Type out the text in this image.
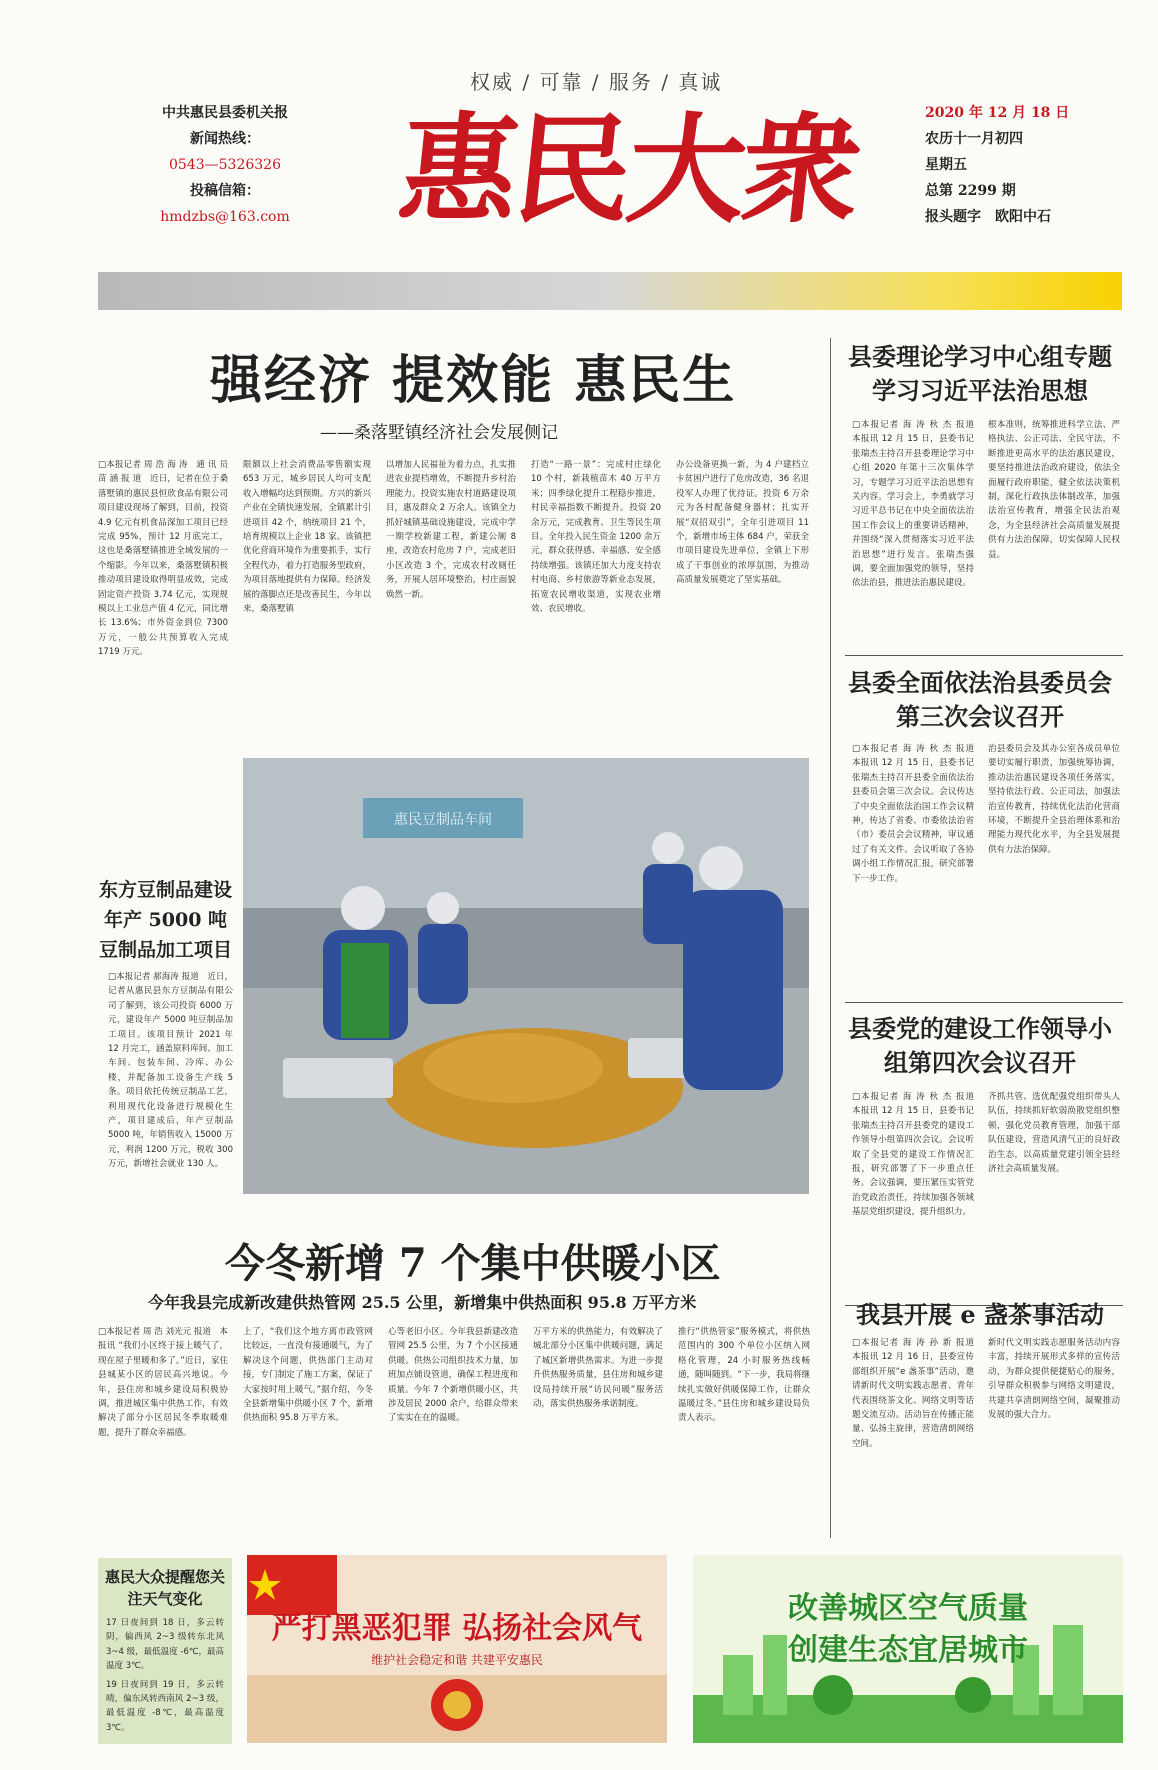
权威 / 可靠 / 服务 / 真诚
中共惠民县委机关报
新闻热线：
0543—5326326
投稿信箱：
hmdzbs@163.com 惠民大衆	2020 年 12 月 18 日
农历十一月初四
星期五
总第 2299 期
报头题字　欧阳中石
强经济 提效能 惠民生
——桑落墅镇经济社会发展侧记
□本报记者 周 浩 海 涛　通 讯 员 苗 涵 报 道　近日，记者在位于桑落墅镇的惠民县恒欣食品有限公司项目建设现场了解到，目前，投资 4.9 亿元有机食品深加工项目已经完成 95%，预计 12 月底完工，这也是桑落墅镇推进全域发展的一个缩影。今年以来，桑落墅镇积极推动项目建设取得明显成效，完成固定资产投资 3.74 亿元，实现规模以上工业总产值 4 亿元，同比增长 13.6%；市外资金到位 7300 万元，一般公共预算收入完成 1719 万元。
限额以上社会消费品零售额实现 653 万元，城乡居民人均可支配收入增幅均达到预期。方兴的新兴产业在全镇快速发展，全镇累计引进项目 42 个，纳统项目 21 个，培育规模以上企业 18 家。该镇把优化营商环境作为重要抓手，实行全程代办，着力打造服务型政府，为项目落地提供有力保障。经济发展的落脚点还是改善民生，今年以来，桑落墅镇
以增加人民福祉为着力点，扎实推进农业提档增效，不断提升乡村治理能力。投资实施农村道路建设项目，惠及群众 2 万余人。该镇全力抓好城镇基础设施建设，完成中学一期学校新建工程，新建公厕 8 座，改造农村危房 7 户，完成老旧小区改造 3 个，完成农村改厕任务，开展人居环境整治，村庄面貌焕然一新。
打造“一路一景”：完成村庄绿化 10 个村，新栽植苗木 40 万平方米；四季绿化提升工程稳步推进，村民幸福指数不断提升。投资 20 余万元，完成教育、卫生等民生项目。全年投入民生资金 1200 余万元，群众获得感、幸福感、安全感持续增强。该镇还加大力度支持农村电商、乡村旅游等新业态发展，拓宽农民增收渠道，实现农业增效、农民增收。
办公设备更换一新，为 4 户建档立卡贫困户进行了危房改造，36 名退役军人办理了优待证。投资 6 万余元为各村配备健身器材；扎实开展“双招双引”，全年引进项目 11 个，新增市场主体 684 户，荣获全市项目建设先进单位，全镇上下形成了干事创业的浓厚氛围，为推动高质量发展奠定了坚实基础。
县委理论学习中心组专题学习习近平法治思想
□本报记者 海 涛 秋 杰 报道　本报讯 12 月 15 日，县委书记张瑞杰主持召开县委理论学习中心组 2020 年第十三次集体学习，专题学习习近平法治思想有关内容。学习会上，李勇就学习习近平总书记在中央全面依法治国工作会议上的重要讲话精神，并围绕“深入贯彻落实习近平法治思想”进行发言。张瑞杰强调，要全面加强党的领导，坚持依法治县，推进法治惠民建设。
根本准则，统筹推进科学立法、严格执法、公正司法、全民守法，不断推进更高水平的法治惠民建设，要坚持推进法治政府建设，依法全面履行政府职能，健全依法决策机制，深化行政执法体制改革，加强法治宣传教育，增强全民法治观念，为全县经济社会高质量发展提供有力法治保障，切实保障人民权益。
县委全面依法治县委员会第三次会议召开
□本报记者 海 涛 秋 杰 报道　本报讯 12 月 15 日，县委书记张瑞杰主持召开县委全面依法治县委员会第三次会议。会议传达了中央全面依法治国工作会议精神，传达了省委、市委依法治省（市）委员会会议精神，审议通过了有关文件。会议听取了各协调小组工作情况汇报，研究部署下一步工作。
治县委员会及其办公室各成员单位要切实履行职责，加强统筹协调，推动法治惠民建设各项任务落实，坚持依法行政、公正司法，加强法治宣传教育，持续优化法治化营商环境，不断提升全县治理体系和治理能力现代化水平，为全县发展提供有力法治保障。
县委党的建设工作领导小组第四次会议召开
□本报记者 海 涛 秋 杰 报道　本报讯 12 月 15 日，县委书记张瑞杰主持召开县委党的建设工作领导小组第四次会议。会议听取了全县党的建设工作情况汇报，研究部署了下一步重点任务。会议强调，要压紧压实管党治党政治责任，持续加强各领域基层党组织建设，提升组织力。
齐抓共管、选优配强党组织带头人队伍，持续抓好软弱涣散党组织整顿，强化党员教育管理，加强干部队伍建设，营造风清气正的良好政治生态，以高质量党建引领全县经济社会高质量发展。
我县开展 e 盏茶事活动
□本报记者 海 涛 孙 新 报道　本报讯 12 月 16 日，县委宣传部组织开展“e 盏茶事”活动，邀请新时代文明实践志愿者、青年代表围绕茶文化、网络文明等话题交流互动。活动旨在传播正能量、弘扬主旋律，营造清朗网络空间。
新时代文明实践志愿服务活动内容丰富，持续开展形式多样的宣传活动，为群众提供便捷贴心的服务，引导群众积极参与网络文明建设，共建共享清朗网络空间，凝聚推动发展的强大合力。
东方豆制品建设年产 5000 吨豆制品加工项目
□本报记者 郝海涛 报道　近日，记者从惠民县东方豆制品有限公司了解到，该公司投资 6000 万元，建设年产 5000 吨豆制品加工项目。该项目预计 2021 年 12 月完工，涵盖原料库间、加工车间、包装车间、冷库、办公楼，并配备加工设备生产线 5 条。项目依托传统豆制品工艺，利用现代化设备进行规模化生产，项目建成后，年产豆制品 5000 吨，年销售收入 15000 万元，利润 1200 万元，税收 300 万元，新增社会就业 130 人。
惠民豆制品车间
今冬新增 7 个集中供暖小区
今年我县完成新改建供热管网 25.5 公里，新增集中供热面积 95.8 万平方米
□本报记者 周 浩 刘光元 报道　本报讯 “我们小区终于接上暖气了，现在屋子里暖和多了。”近日，家住县城某小区的居民高兴地说。今年，县住房和城乡建设局积极协调，推进城区集中供热工作，有效解决了部分小区居民冬季取暖难题，提升了群众幸福感。
上了，“我们这个地方离市政管网比较远，一直没有接通暖气，为了解决这个问题，供热部门主动对接，专门制定了施工方案，保证了大家按时用上暖气。”据介绍，今冬全县新增集中供暖小区 7 个，新增供热面积 95.8 万平方米。
心等老旧小区。今年我县新建改造管网 25.5 公里，为 7 个小区接通供暖。供热公司组织技术力量，加班加点铺设管道，确保工程进度和质量。今年 7 个新增供暖小区，共涉及居民 2000 余户，给群众带来了实实在在的温暖。
万平方米的供热能力，有效解决了城北部分小区集中供暖问题，满足了城区新增供热需求。为进一步提升供热服务质量，县住房和城乡建设局持续开展“访民问暖”服务活动，落实供热服务承诺制度。
推行“供热管家”服务模式，将供热范围内的 300 个单位小区纳入网格化管理，24 小时服务热线畅通，随叫随到。“下一步，我局将继续扎实做好供暖保障工作，让群众温暖过冬。”县住房和城乡建设局负责人表示。
惠民大众提醒您关注天气变化
17 日夜间到 18 日，多云转阴，偏西风 2~3 级转东北风 3~4 级，最低温度 -6℃，最高温度 3℃。
19 日夜间到 19 日，多云转晴，偏东风转西南风 2~3 级，最低温度 -8℃，最高温度 3℃。
严打黑恶犯罪 弘扬社会风气
维护社会稳定和谐 共建平安惠民
改善城区空气质量
创建生态宜居城市
